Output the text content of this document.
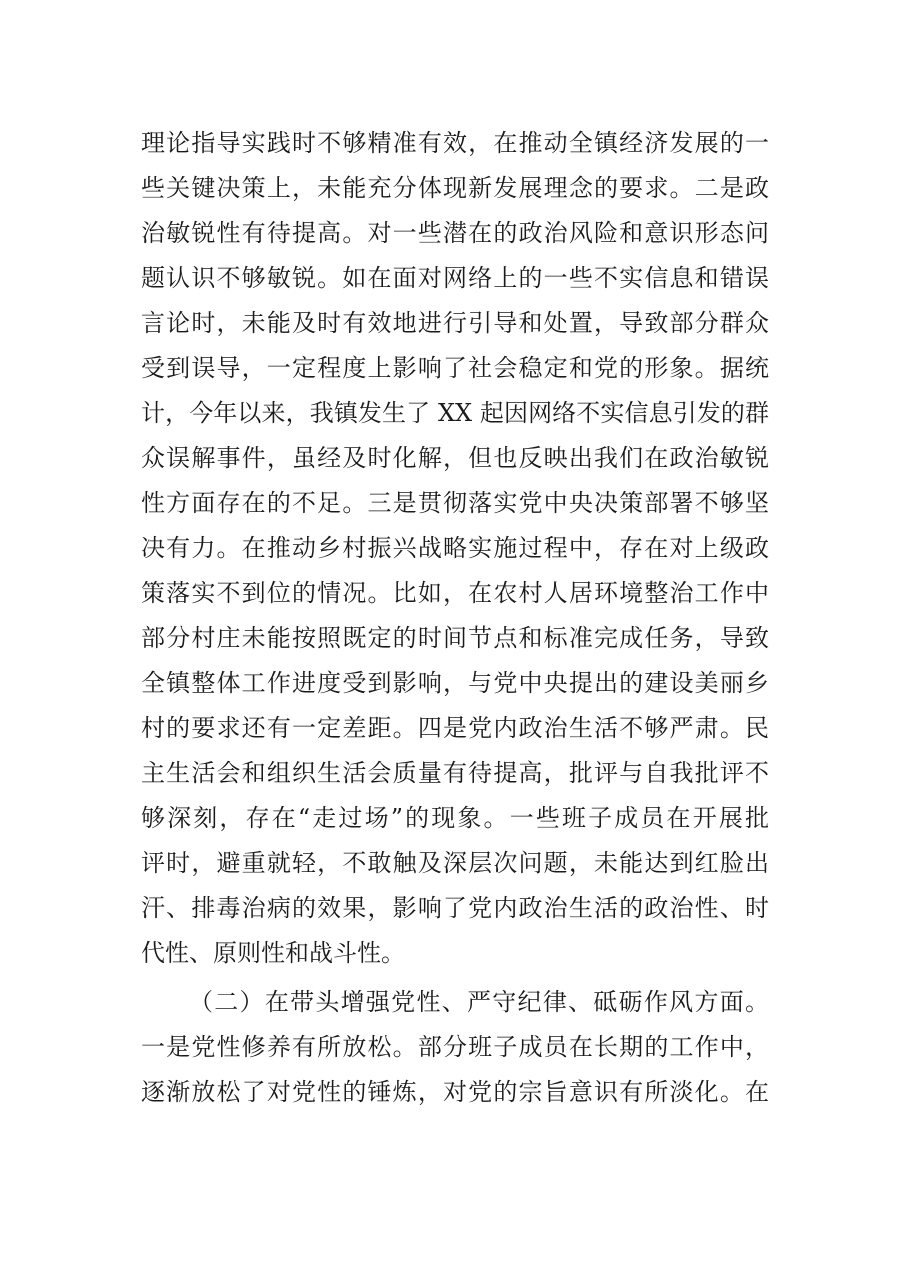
理论指导实践时不够精准有效，在推动全镇经济发展的一
些关键决策上，未能充分体现新发展理念的要求。二是政
治敏锐性有待提高。对一些潜在的政治风险和意识形态问
题认识不够敏锐。如在面对网络上的一些不实信息和错误
言论时，未能及时有效地进行引导和处置，导致部分群众
受到误导，一定程度上影响了社会稳定和党的形象。据统
计，今年以来，我镇发生了 XX 起因网络不实信息引发的群
众误解事件，虽经及时化解，但也反映出我们在政治敏锐
性方面存在的不足。三是贯彻落实党中央决策部署不够坚
决有力。在推动乡村振兴战略实施过程中，存在对上级政
策落实不到位的情况。比如，在农村人居环境整治工作中
部分村庄未能按照既定的时间节点和标准完成任务，导致
全镇整体工作进度受到影响，与党中央提出的建设美丽乡
村的要求还有一定差距。四是党内政治生活不够严肃。民
主生活会和组织生活会质量有待提高，批评与自我批评不
够深刻，存在“走过场”的现象。一些班子成员在开展批
评时，避重就轻，不敢触及深层次问题，未能达到红脸出
汗、排毒治病的效果，影响了党内政治生活的政治性、时
代性、原则性和战斗性。
（二）在带头增强党性、严守纪律、砥砺作风方面。
一是党性修养有所放松。部分班子成员在长期的工作中，
逐渐放松了对党性的锤炼，对党的宗旨意识有所淡化。在
